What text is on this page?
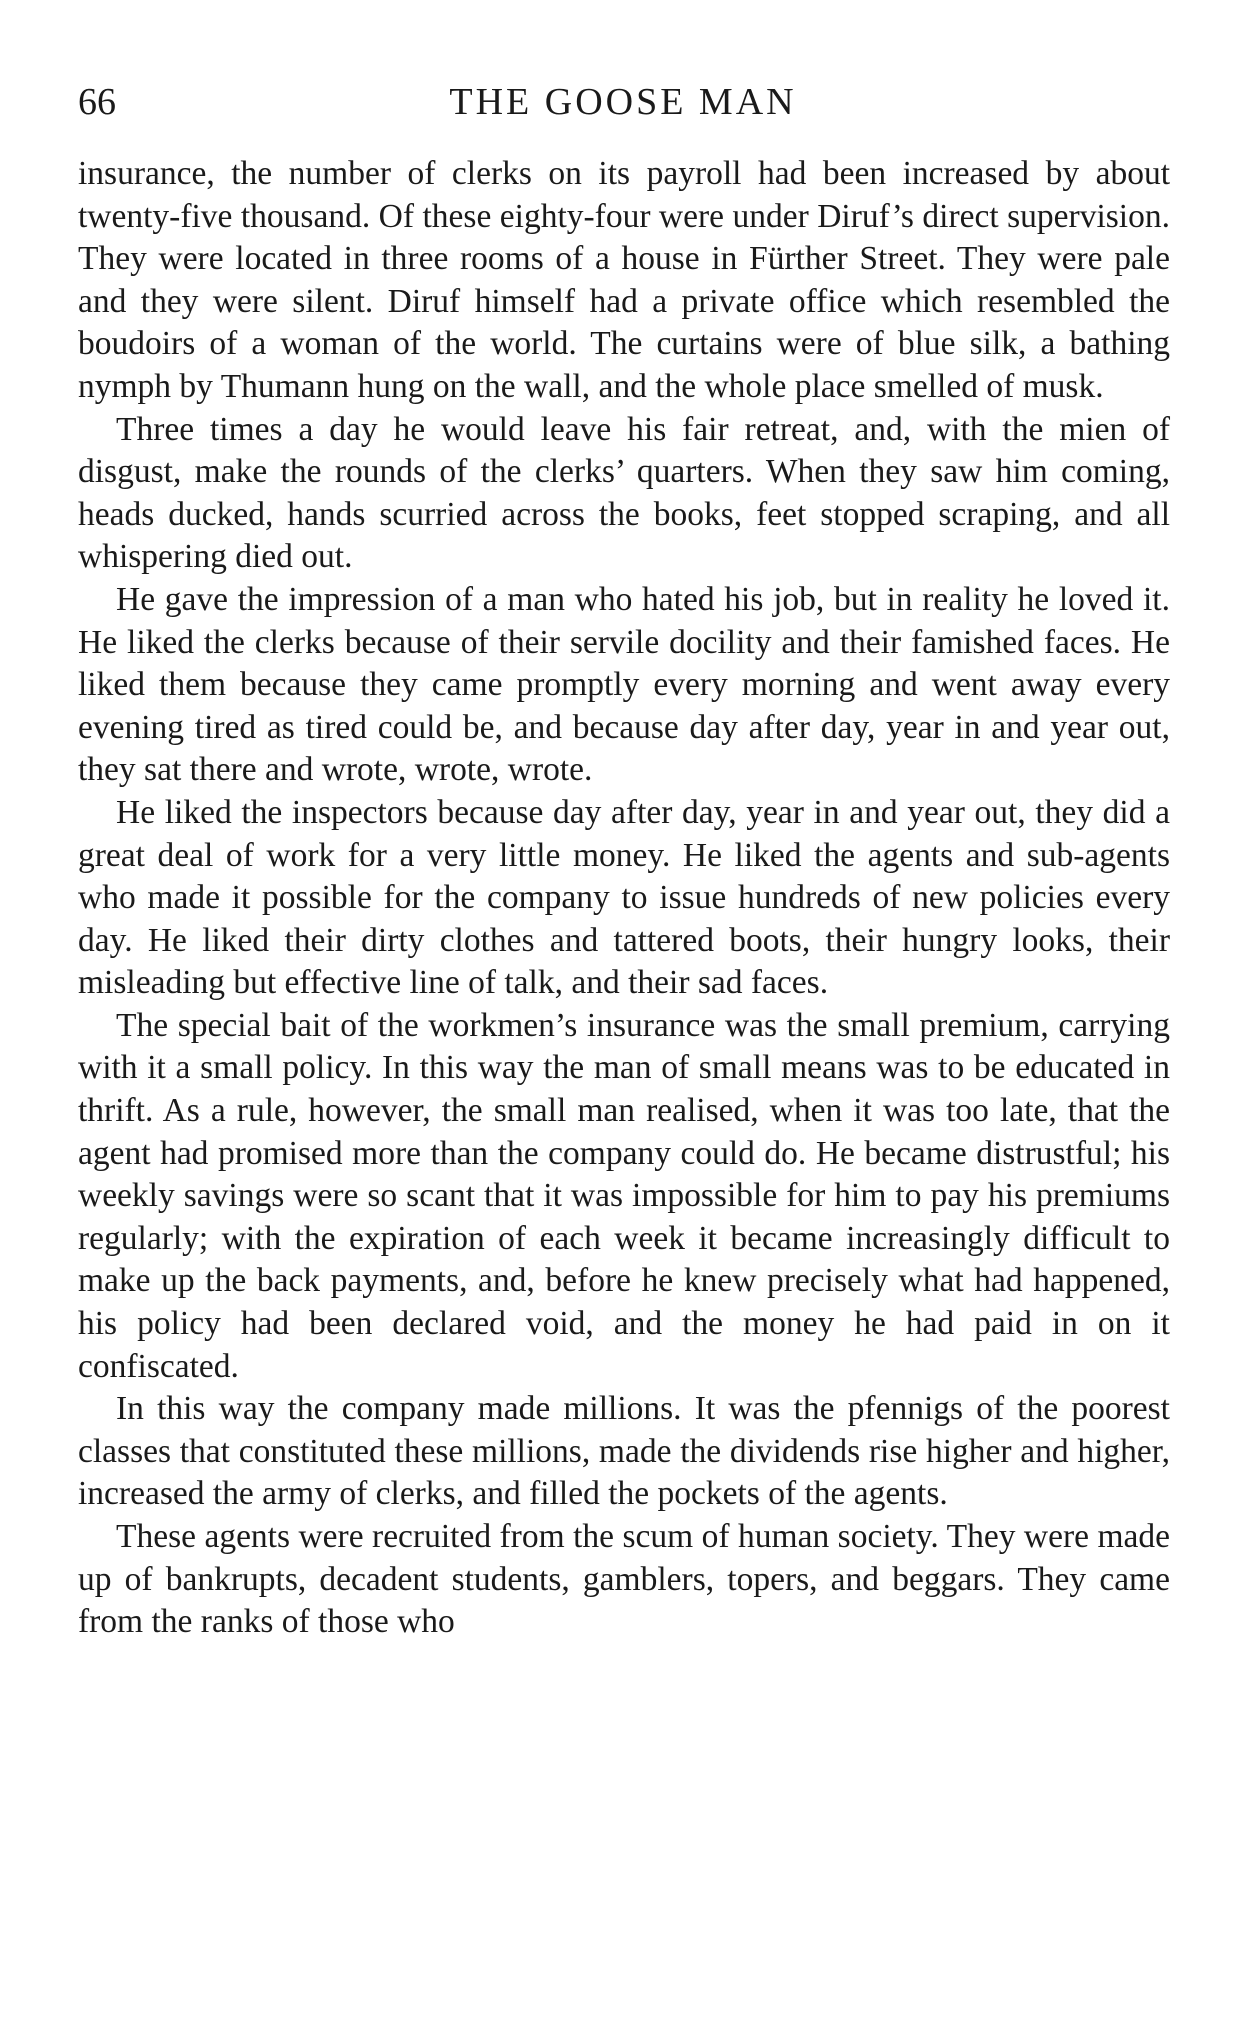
66	THE GOOSE MAN

insurance, the number of clerks on its payroll had been increased by about twenty-five thousand. Of these eighty-four were under Diruf’s direct supervision. They were located in three rooms of a house in Fürther Street. They were pale and they were silent. Diruf himself had a private office which resembled the boudoirs of a woman of the world. The curtains were of blue silk, a bathing nymph by Thumann hung on the wall, and the whole place smelled of musk.

Three times a day he would leave his fair retreat, and, with the mien of disgust, make the rounds of the clerks’ quarters. When they saw him coming, heads ducked, hands scurried across the books, feet stopped scraping, and all whispering died out.

He gave the impression of a man who hated his job, but in reality he loved it. He liked the clerks because of their servile docility and their famished faces. He liked them because they came promptly every morning and went away every evening tired as tired could be, and because day after day, year in and year out, they sat there and wrote, wrote, wrote.

He liked the inspectors because day after day, year in and year out, they did a great deal of work for a very little money. He liked the agents and sub-agents who made it possible for the company to issue hundreds of new policies every day. He liked their dirty clothes and tattered boots, their hungry looks, their misleading but effective line of talk, and their sad faces.

The special bait of the workmen’s insurance was the small premium, carrying with it a small policy. In this way the man of small means was to be educated in thrift. As a rule, however, the small man realised, when it was too late, that the agent had promised more than the company could do. He became distrustful; his weekly savings were so scant that it was impossible for him to pay his premiums regularly; with the expiration of each week it became increasingly difficult to make up the back payments, and, before he knew precisely what had happened, his policy had been declared void, and the money he had paid in on it confiscated.

In this way the company made millions. It was the pfennigs of the poorest classes that constituted these millions, made the dividends rise higher and higher, increased the army of clerks, and filled the pockets of the agents.

These agents were recruited from the scum of human society. They were made up of bankrupts, decadent students, gamblers, topers, and beggars. They came from the ranks of those who
